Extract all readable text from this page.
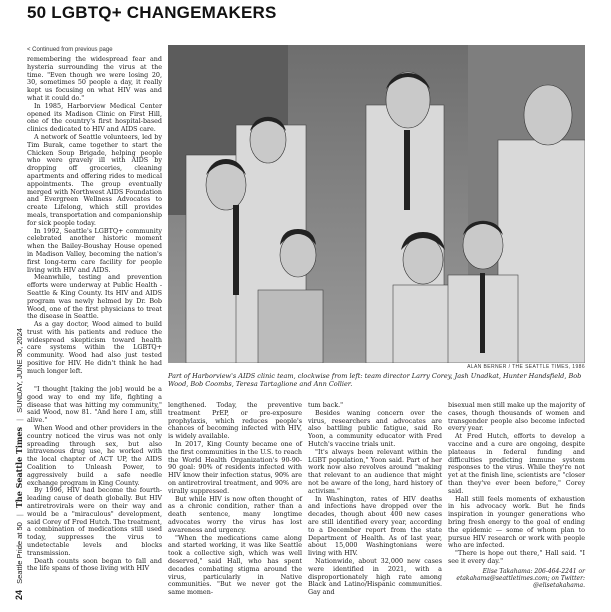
50 LGBTQ+ CHANGEMAKERS
< Continued from previous page
24 Seattle Pride at 50 | The Seattle Times | SUNDAY, JUNE 30, 2024

remembering the widespread fear and hysteria surrounding the virus at the time. "Even though we were losing 20, 30, sometimes 50 people a day, it really kept us focusing on what HIV was and what it could do."

In 1985, Harborview Medical Center opened its Madison Clinic on First Hill, one of the country's first hospital-based clinics dedicated to HIV and AIDS care.

A network of Seattle volunteers, led by Tim Burak, came together to start the Chicken Soup Brigade, helping people who were gravely ill with AIDS by dropping off groceries, cleaning apartments and offering rides to medical appointments. The group eventually merged with Northwest AIDS Foundation and Evergreen Wellness Advocates to create Lifelong, which still provides meals, transportation and companionship for sick people today.

In 1992, Seattle's LGBTQ+ community celebrated another historic moment when the Bailey-Boushay House opened in Madison Valley, becoming the nation's first long-term care facility for people living with HIV and AIDS.

Meanwhile, testing and prevention efforts were underway at Public Health - Seattle & King County. Its HIV and AIDS program was newly helmed by Dr. Bob Wood, one of the first physicians to treat the disease in Seattle.

As a gay doctor, Wood aimed to build trust with his patients and reduce the widespread skepticism toward health care systems within the LGBTQ+ community. Wood had also just tested positive for HIV. He didn't think he had much longer left.

"I thought [taking the job] would be a good way to end my life, fighting a disease that was hitting my community," said Wood, now 81. "And here I am, still alive."

When Wood and other providers in the country noticed the virus was not only spreading through sex, but also intravenous drug use, he worked with the local chapter of ACT UP, the AIDS Coalition to Unleash Power, to aggressively build a safe needle exchange program in King County.

By 1996, HIV had become the fourth-leading cause of death globally. But HIV antiretrovirals were on their way and would be a "miraculous" development, said Corey of Fred Hutch. The treatment, a combination of medications still used today, suppresses the virus to undetectable levels and blocks transmission.

Death counts soon began to fall and the life spans of those living with HIV

ALAN BERNER / THE SEATTLE TIMES, 1986
Part of Harborview's AIDS clinic team, clockwise from left: team director Larry Corey, Jash Unadkat, Hunter Handsfield, Bob Wood, Bob Coombs, Teresa Tartaglione and Ann Collier.

lengthened. Today, the preventive treatment PrEP, or pre-exposure prophylaxis, which reduces people's chances of becoming infected with HIV, is widely available.

In 2017, King County became one of the first communities in the U.S. to reach the World Health Organization's 90-90-90 goal: 90% of residents infected with HIV know their infection status, 90% are on antiretroviral treatment, and 90% are virally suppressed.

But while HIV is now often thought of as a chronic condition, rather than a death sentence, many longtime advocates worry the virus has lost awareness and urgency.

"When the medications came along and started working, it was like Seattle took a collective sigh, which was well deserved," said Hall, who has spent decades combating stigma around the virus, particularly in Native communities. "But we never got the same momen-

tum back."

Besides waning concern over the virus, researchers and advocates are also battling public fatigue, said Ro Yoon, a community educator with Fred Hutch's vaccine trials unit.

"It's always been relevant within the LGBT population," Yoon said. Part of her work now also revolves around "making that relevant to an audience that might not be aware of the long, hard history of activism."

In Washington, rates of HIV deaths and infections have dropped over the decades, though about 400 new cases are still identified every year, according to a December report from the state Department of Health. As of last year, about 15,000 Washingtonians were living with HIV.

Nationwide, about 32,000 new cases were identified in 2021, with a disproportionately high rate among Black and Latino/Hispanic communities. Gay and

bisexual men still make up the majority of cases, though thousands of women and transgender people also become infected every year.

At Fred Hutch, efforts to develop a vaccine and a cure are ongoing, despite plateaus in federal funding and difficulties predicting immune system responses to the virus. While they're not yet at the finish line, scientists are "closer than they've ever been before," Corey said.

Hall still feels moments of exhaustion in his advocacy work. But he finds inspiration in younger generations who bring fresh energy to the goal of ending the epidemic — some of whom plan to pursue HIV research or work with people who are infected.

"There is hope out there," Hall said. "I see it every day."

Elise Takahama: 206-464-2241 or
etakahama@seattletimes.com; on Twitter:
@elisetakahama.
